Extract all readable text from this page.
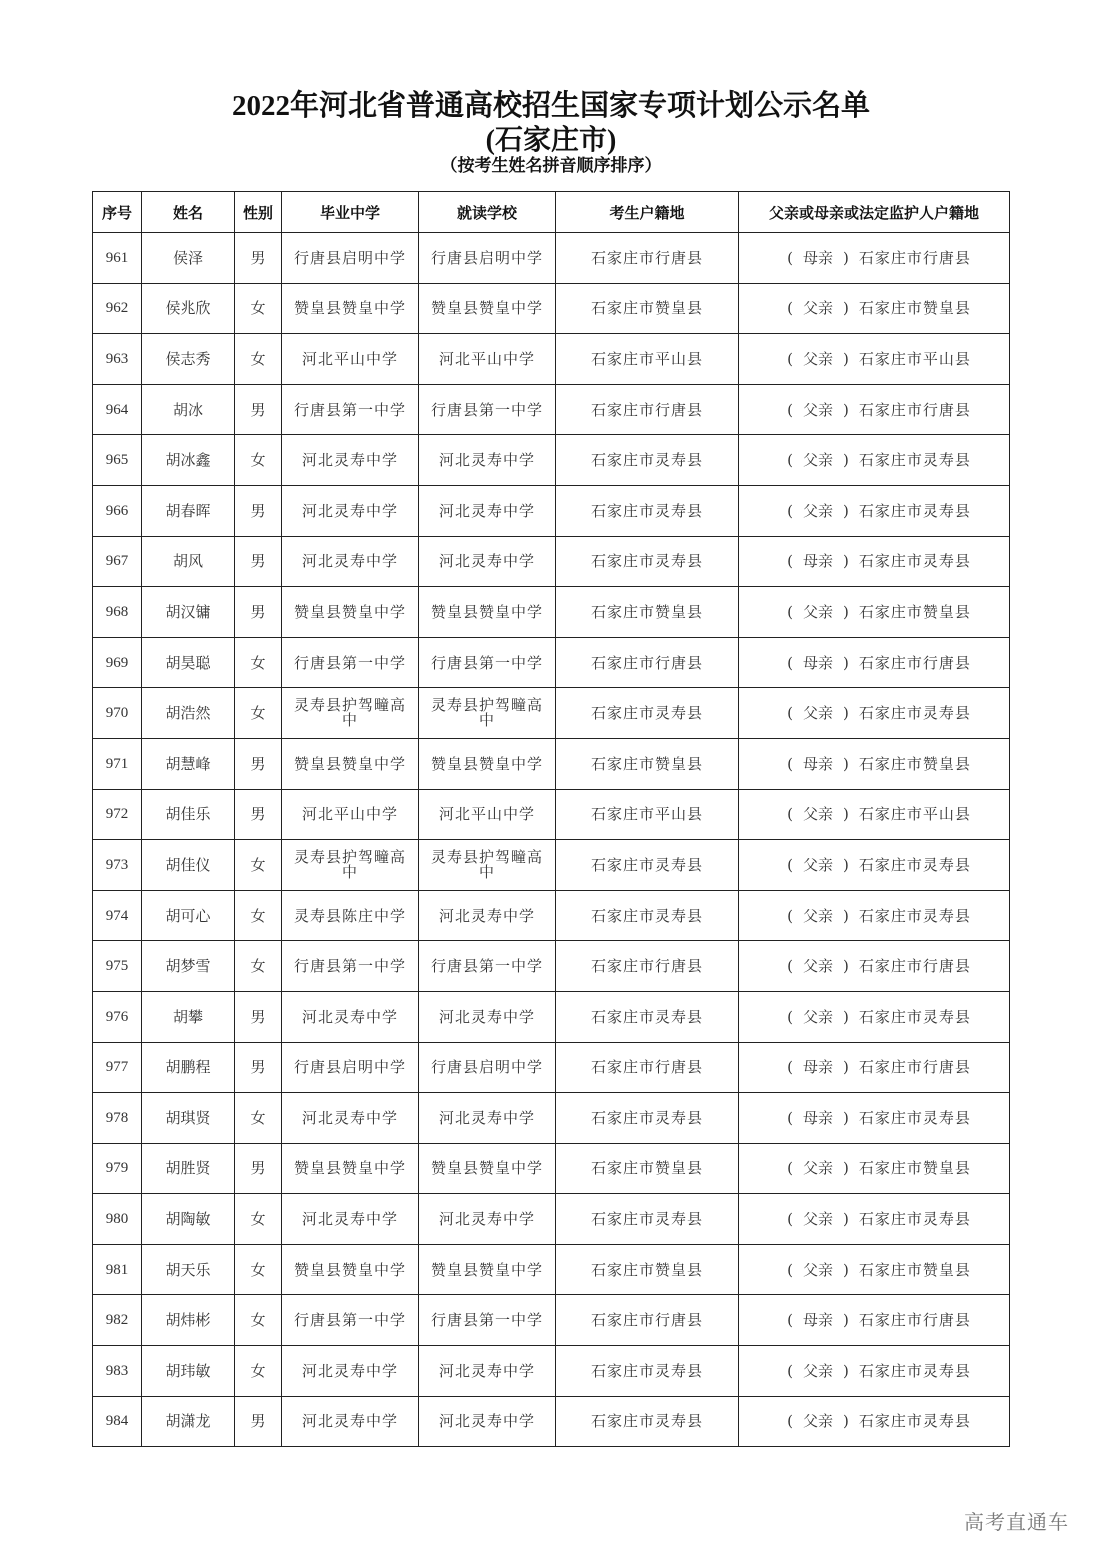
2022年河北省普通高校招生国家专项计划公示名单
(石家庄市)
（按考生姓名拼音顺序排序）
序号	姓名	性别	毕业中学	就读学校	考生户籍地	父亲或母亲或法定监护人户籍地
961	侯泽	男	行唐县启明中学	行唐县启明中学	石家庄市行唐县	( 母亲 ) 石家庄市行唐县
962	侯兆欣	女	赞皇县赞皇中学	赞皇县赞皇中学	石家庄市赞皇县	( 父亲 ) 石家庄市赞皇县
963	侯志秀	女	河北平山中学	河北平山中学	石家庄市平山县	( 父亲 ) 石家庄市平山县
964	胡冰	男	行唐县第一中学	行唐县第一中学	石家庄市行唐县	( 父亲 ) 石家庄市行唐县
965	胡冰鑫	女	河北灵寿中学	河北灵寿中学	石家庄市灵寿县	( 父亲 ) 石家庄市灵寿县
966	胡春晖	男	河北灵寿中学	河北灵寿中学	石家庄市灵寿县	( 父亲 ) 石家庄市灵寿县
967	胡风	男	河北灵寿中学	河北灵寿中学	石家庄市灵寿县	( 母亲 ) 石家庄市灵寿县
968	胡汉镛	男	赞皇县赞皇中学	赞皇县赞皇中学	石家庄市赞皇县	( 父亲 ) 石家庄市赞皇县
969	胡昊聪	女	行唐县第一中学	行唐县第一中学	石家庄市行唐县	( 母亲 ) 石家庄市行唐县
970	胡浩然	女	灵寿县护驾疃高中	灵寿县护驾疃高中	石家庄市灵寿县	( 父亲 ) 石家庄市灵寿县
971	胡慧峰	男	赞皇县赞皇中学	赞皇县赞皇中学	石家庄市赞皇县	( 母亲 ) 石家庄市赞皇县
972	胡佳乐	男	河北平山中学	河北平山中学	石家庄市平山县	( 父亲 ) 石家庄市平山县
973	胡佳仪	女	灵寿县护驾疃高中	灵寿县护驾疃高中	石家庄市灵寿县	( 父亲 ) 石家庄市灵寿县
974	胡可心	女	灵寿县陈庄中学	河北灵寿中学	石家庄市灵寿县	( 父亲 ) 石家庄市灵寿县
975	胡梦雪	女	行唐县第一中学	行唐县第一中学	石家庄市行唐县	( 父亲 ) 石家庄市行唐县
976	胡攀	男	河北灵寿中学	河北灵寿中学	石家庄市灵寿县	( 父亲 ) 石家庄市灵寿县
977	胡鹏程	男	行唐县启明中学	行唐县启明中学	石家庄市行唐县	( 母亲 ) 石家庄市行唐县
978	胡琪贤	女	河北灵寿中学	河北灵寿中学	石家庄市灵寿县	( 母亲 ) 石家庄市灵寿县
979	胡胜贤	男	赞皇县赞皇中学	赞皇县赞皇中学	石家庄市赞皇县	( 父亲 ) 石家庄市赞皇县
980	胡陶敏	女	河北灵寿中学	河北灵寿中学	石家庄市灵寿县	( 父亲 ) 石家庄市灵寿县
981	胡天乐	女	赞皇县赞皇中学	赞皇县赞皇中学	石家庄市赞皇县	( 父亲 ) 石家庄市赞皇县
982	胡炜彬	女	行唐县第一中学	行唐县第一中学	石家庄市行唐县	( 母亲 ) 石家庄市行唐县
983	胡玮敏	女	河北灵寿中学	河北灵寿中学	石家庄市灵寿县	( 父亲 ) 石家庄市灵寿县
984	胡潇龙	男	河北灵寿中学	河北灵寿中学	石家庄市灵寿县	( 父亲 ) 石家庄市灵寿县
高考直通车
